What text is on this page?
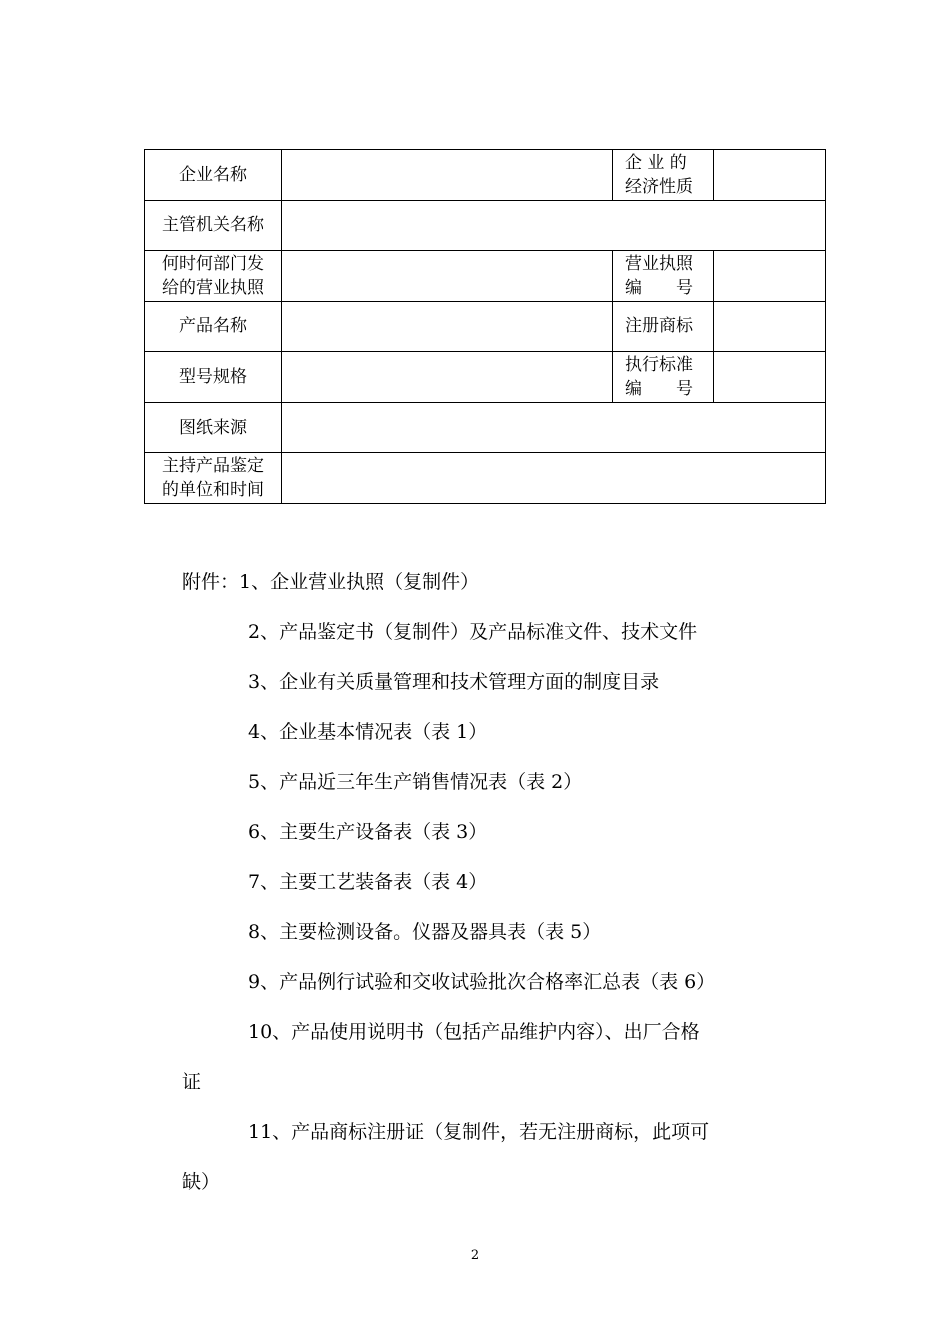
企业名称		企 业 的
经济性质	

主管机关名称			

何时何部门发
给的营业执照		营业执照
编　　号	

产品名称		注册商标	
型号规格		执行标准
编　　号	

图纸来源			

主持产品鉴定
的单位和时间			

附件：1、企业营业执照（复制件）
2、产品鉴定书（复制件）及产品标准文件、技术文件
3、企业有关质量管理和技术管理方面的制度目录
4、企业基本情况表（表 1）
5、产品近三年生产销售情况表（表 2）
6、主要生产设备表（表 3）
7、主要工艺装备表（表 4）
8、主要检测设备。仪器及器具表（表 5）
9、产品例行试验和交收试验批次合格率汇总表（表 6）
10、产品使用说明书（包括产品维护内容）、出厂合格
证
11、产品商标注册证（复制件，若无注册商标，此项可
缺）
2
